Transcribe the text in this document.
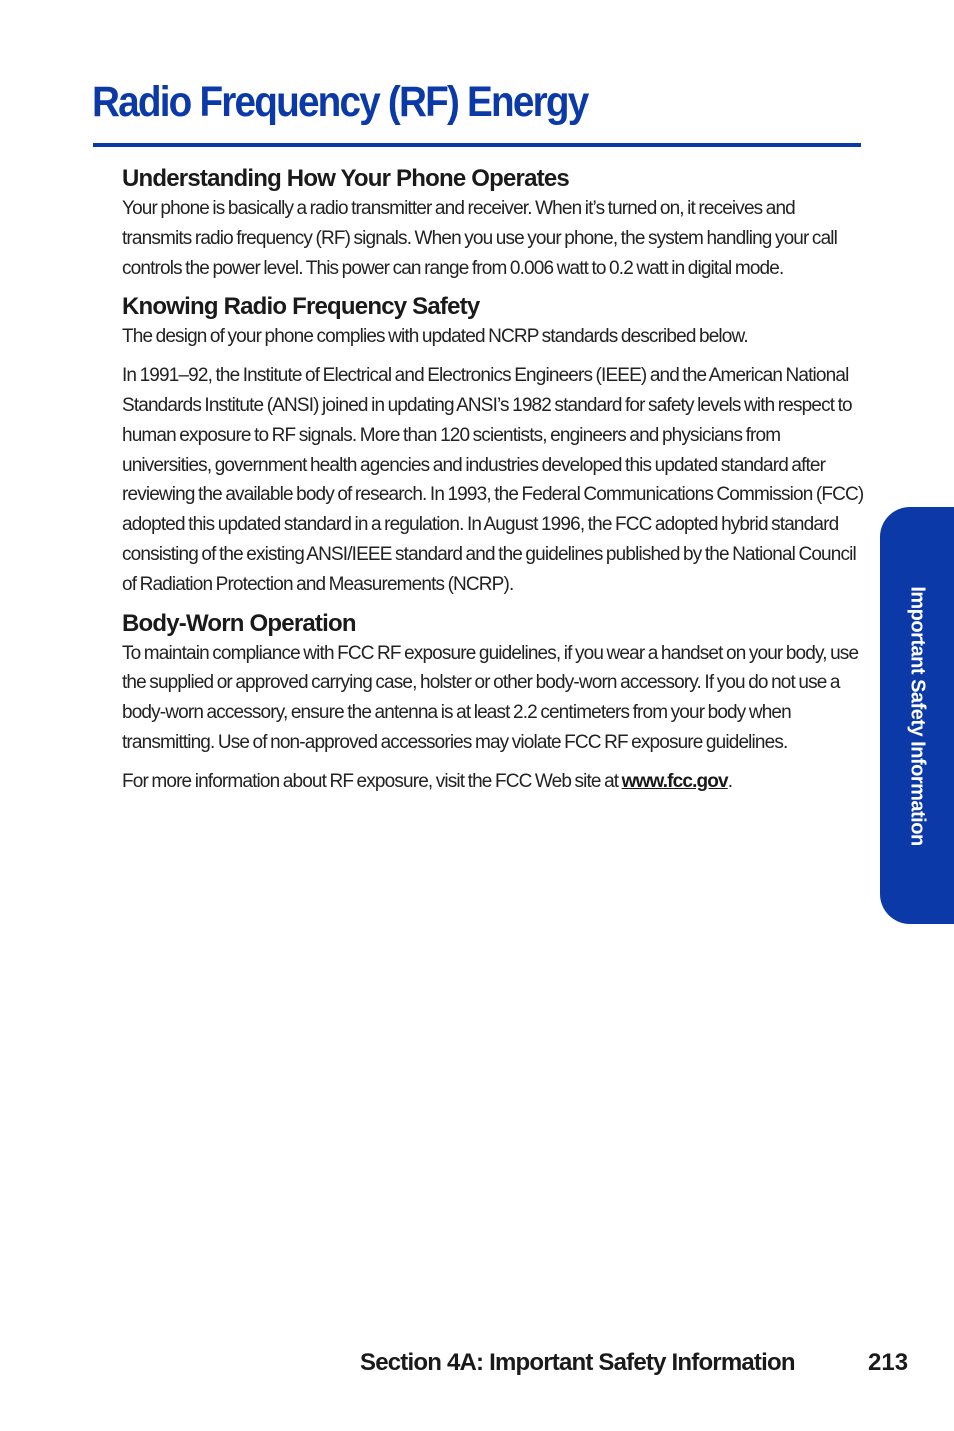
Radio Frequency (RF) Energy
Understanding How Your Phone Operates

Your phone is basically a radio transmitter and receiver. When it’s turned on, it receives and transmits radio frequency (RF) signals. When you use your phone, the system handling your call controls the power level. This power can range from 0.006 watt to 0.2 watt in digital mode.

Knowing Radio Frequency Safety

The design of your phone complies with updated NCRP standards described below.

In 1991–92, the Institute of Electrical and Electronics Engineers (IEEE) and the American National Standards Institute (ANSI) joined in updating ANSI’s 1982 standard for safety levels with respect to human exposure to RF signals. More than 120 scientists, engineers and physicians from universities, government health agencies and industries developed this updated standard after reviewing the available body of research. In 1993, the Federal Communications Commission (FCC) adopted this updated standard in a regulation. In August 1996, the FCC adopted hybrid standard consisting of the existing ANSI/IEEE standard and the guidelines published by the National Council of Radiation Protection and Measurements (NCRP).

Body-Worn Operation

To maintain compliance with FCC RF exposure guidelines, if you wear a handset on your body, use the supplied or approved carrying case, holster or other body-worn accessory. If you do not use a body-worn accessory, ensure the antenna is at least 2.2 centimeters from your body when transmitting. Use of non-approved accessories may violate FCC RF exposure guidelines.

For more information about RF exposure, visit the FCC Web site at www.fcc.gov.	Important Safety Information
Section 4A: Important Safety Information	213
